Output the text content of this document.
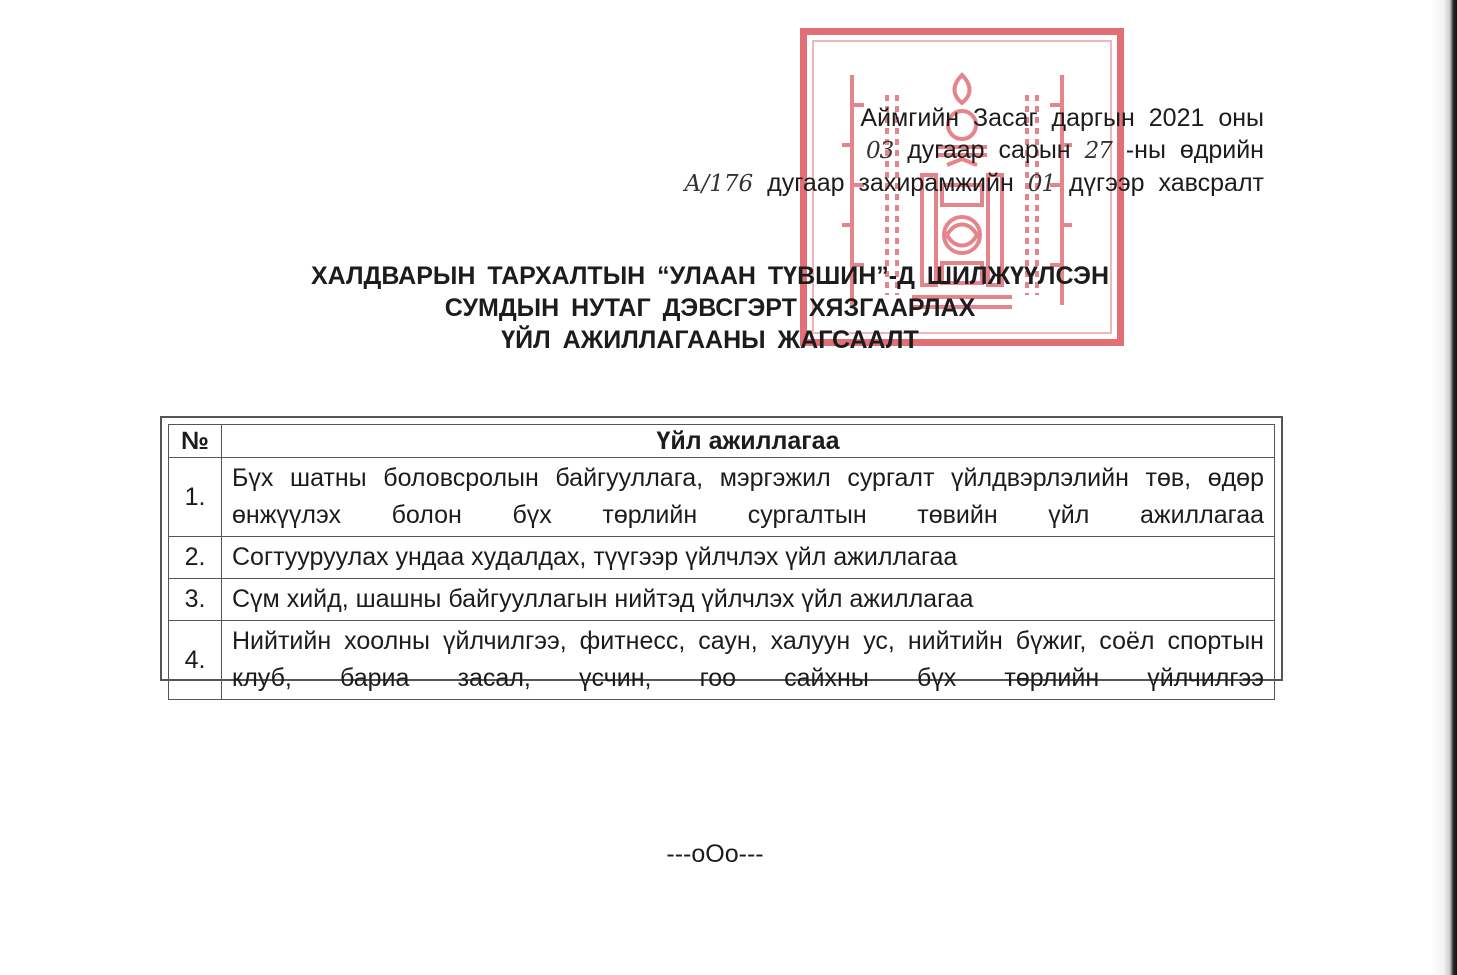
Аймгийн Засаг даргын 2021 оны
03 дугаар сарын 27 -ны өдрийн
А/176 дугаар захирамжийн 01 дүгээр хавсралт
ХАЛДВАРЫН ТАРХАЛТЫН “УЛААН ТҮВШИН”-Д ШИЛЖҮҮЛСЭН
СУМДЫН НУТАГ ДЭВСГЭРТ ХЯЗГААРЛАХ
ҮЙЛ АЖИЛЛАГААНЫ ЖАГСААЛТ
№	Үйл ажиллагаа
1.	Бүх шатны боловсролын байгууллага, мэргэжил сургалт үйлдвэрлэлийн төв, өдөр өнжүүлэх болон бүх төрлийн сургалтын төвийн үйл ажиллагаа
2.	Согтууруулах ундаа худалдах, түүгээр үйлчлэх үйл ажиллагаа
3.	Сүм хийд, шашны байгууллагын нийтэд үйлчлэх үйл ажиллагаа
4.	Нийтийн хоолны үйлчилгээ, фитнесс, саун, халуун ус, нийтийн бүжиг, соёл спортын клуб, бариа засал, үсчин, гоо сайхны бүх төрлийн үйлчилгээ
---oOo---
